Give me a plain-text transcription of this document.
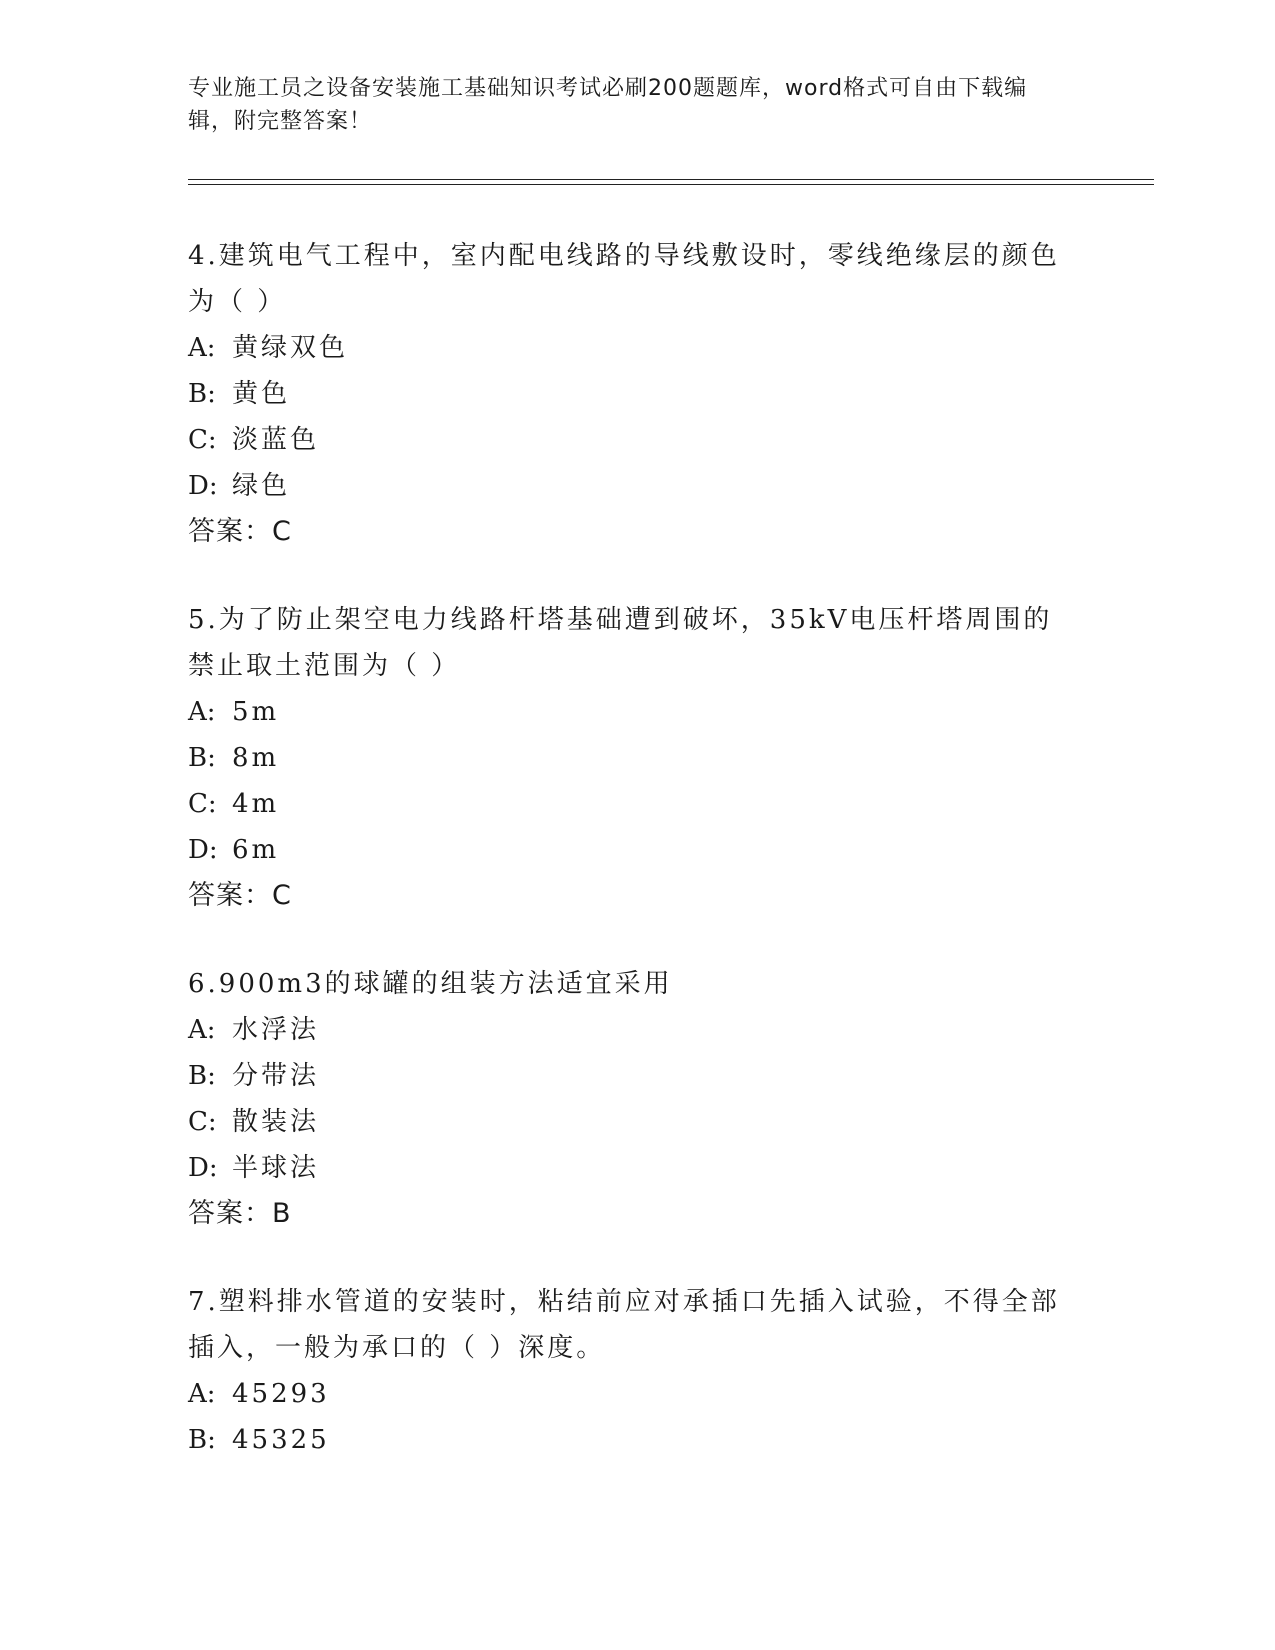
专业施工员之设备安装施工基础知识考试必刷200题题库，word格式可自由下载编辑，附完整答案！

4.建筑电气工程中，室内配电线路的导线敷设时，零线绝缘层的颜色为（ ）

A: 黄绿双色

B: 黄色

C: 淡蓝色

D: 绿色

答案：C

5.为了防止架空电力线路杆塔基础遭到破坏，35kV电压杆塔周围的禁止取土范围为（ ）

A: 5m

B: 8m

C: 4m

D: 6m

答案：C

6.900m3的球罐的组装方法适宜采用

A: 水浮法

B: 分带法

C: 散装法

D: 半球法

答案：B

7.塑料排水管道的安装时，粘结前应对承插口先插入试验，不得全部插入，一般为承口的（ ）深度。

A: 45293

B: 45325
